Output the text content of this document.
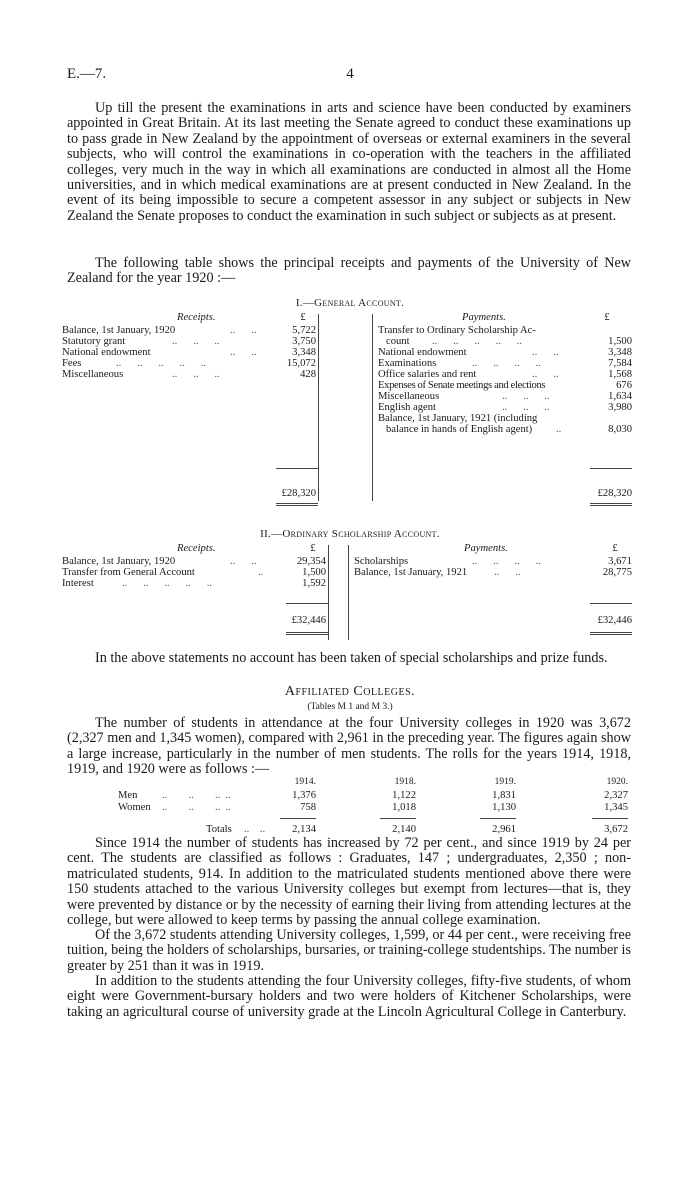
E.—7.	4

Up till the present the examinations in arts and science have been conducted by examiners appointed in Great Britain. At its last meeting the Senate agreed to conduct these examinations up to pass grade in New Zealand by the appointment of overseas or external examiners in the several subjects, who will control the examinations in co-operation with the teachers in the affiliated colleges, very much in the way in which all examinations are conducted in almost all the Home universities, and in which medical examinations are at present conducted in New Zealand. In the event of its being impossible to secure a competent assessor in any subject or subjects in New Zealand the Senate proposes to conduct the examination in such subject or subjects as at present.

The following table shows the principal receipts and payments of the University of New Zealand for the year 1920 :—

I.—General Account.
Receipts.	£	Payments.	£
Balance, 1st January, 1920	..      ..	5,722
Statutory grant	..      ..      ..	3,750
National endowment	..      ..	3,348
Fees	..      ..      ..      ..      ..	15,072
Miscellaneous	..      ..      ..	428
Transfer to Ordinary Scholarship Ac-
count ..      ..      ..      ..      ..	1,500
National endowment	..      ..	3,348
Examinations	..      ..      ..      ..	7,584
Office salaries and rent	..      ..	1,568
Expenses of Senate meetings and elections	676
Miscellaneous	..      ..      ..	1,634
English agent	..      ..      ..	3,980
Balance, 1st January, 1921 (including
balance in hands of English agent) ..	8,030
£28,320	£28,320
II.—Ordinary Scholarship Account.
Receipts.	£	Payments.	£
Balance, 1st January, 1920	..      ..	29,354
Transfer from General Account	..	1,500
Interest	..      ..      ..      ..      ..	1,592
Scholarships	..      ..      ..      ..	3,671
Balance, 1st January, 1921	..      ..	28,775
£32,446	£32,446

In the above statements no account has been taken of special scholarships and prize funds.

Affiliated Colleges.
(Tables M 1 and M 3.)

The number of students in attendance at the four University colleges in 1920 was 3,672 (2,327 men and 1,345 women), compared with 2,961 in the preceding year. The figures again show a large increase, particularly in the number of men students. The rolls for the years 1914, 1918, 1919, and 1920 were as follows :—

1914.	1918.	1919.	1920.
Men ..        ..        ..  ..	1,376	1,122	1,831	2,327
Women ..        ..        ..  ..	758	1,018	1,130	1,345
Totals ..    ..	2,134	2,140	2,961	3,672

Since 1914 the number of students has increased by 72 per cent., and since 1919 by 24 per cent. The students are classified as follows : Graduates, 147 ; undergraduates, 2,350 ; non-matriculated students, 914. In addition to the matriculated students mentioned above there were 150 students attached to the various University colleges but exempt from lectures—that is, they were prevented by distance or by the necessity of earning their living from attending lectures at the college, but were allowed to keep terms by passing the annual college examination.

Of the 3,672 students attending University colleges, 1,599, or 44 per cent., were receiving free tuition, being the holders of scholarships, bursaries, or training-college studentships. The number is greater by 251 than it was in 1919.

In addition to the students attending the four University colleges, fifty-five students, of whom eight were Government-bursary holders and two were holders of Kitchener Scholarships, were taking an agricultural course of university grade at the Lincoln Agricultural College in Canterbury.
